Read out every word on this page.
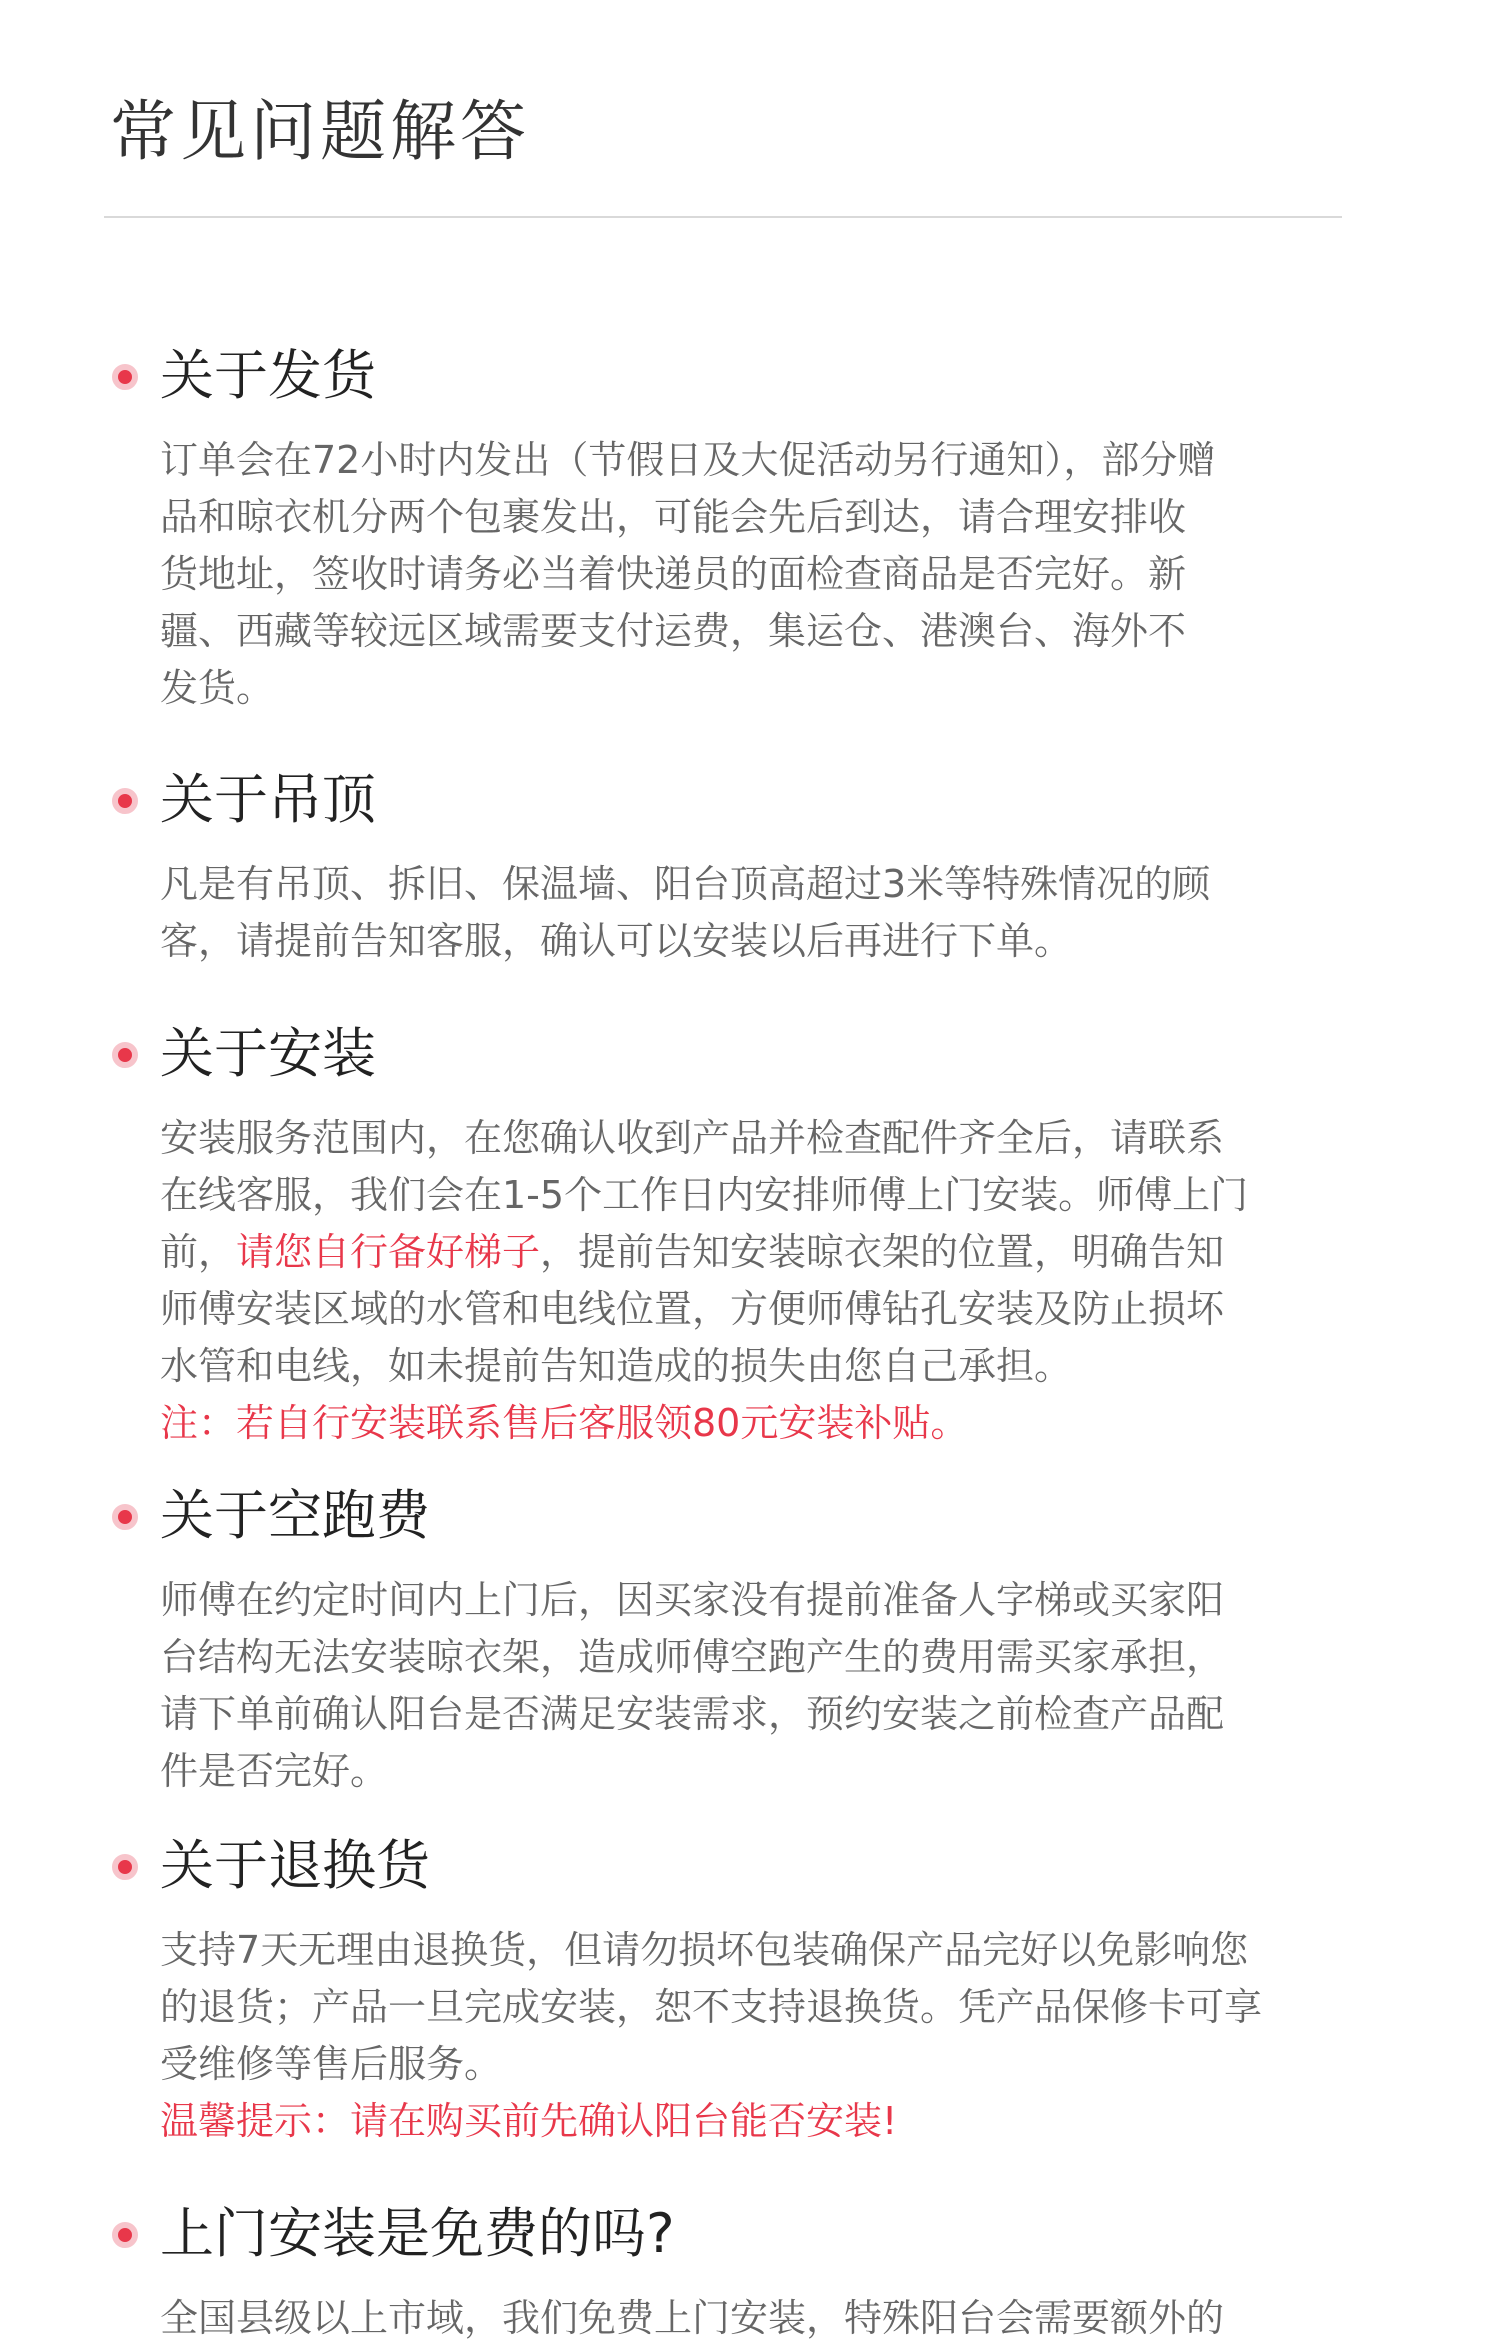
常见问题解答
关于发货

订单会在72小时内发出（节假日及大促活动另行通知），部分赠
品和晾衣机分两个包裹发出，可能会先后到达，请合理安排收
货地址，签收时请务必当着快递员的面检查商品是否完好。新
疆、西藏等较远区域需要支付运费，集运仓、港澳台、海外不
发货。

关于吊顶

凡是有吊顶、拆旧、保温墙、阳台顶高超过3米等特殊情况的顾
客，请提前告知客服，确认可以安装以后再进行下单。

关于安装
安装服务范围内，在您确认收到产品并检查配件齐全后，请联系
在线客服，我们会在1-5个工作日内安排师傅上门安装。师傅上门
前，请您自行备好梯子，提前告知安装晾衣架的位置，明确告知
师傅安装区域的水管和电线位置，方便师傅钻孔安装及防止损坏
水管和电线，如未提前告知造成的损失由您自己承担。

注：若自行安装联系售后客服领80元安装补贴。

关于空跑费

师傅在约定时间内上门后，因买家没有提前准备人字梯或买家阳
台结构无法安装晾衣架，造成师傅空跑产生的费用需买家承担，
请下单前确认阳台是否满足安装需求，预约安装之前检查产品配
件是否完好。

关于退换货

支持7天无理由退换货，但请勿损坏包装确保产品完好以免影响您
的退货；产品一旦完成安装，恕不支持退换货。凭产品保修卡可享
受维修等售后服务。

温馨提示：请在购买前先确认阳台能否安装!

上门安装是免费的吗?

全国县级以上市域，我们免费上门安装，特殊阳台会需要额外的
